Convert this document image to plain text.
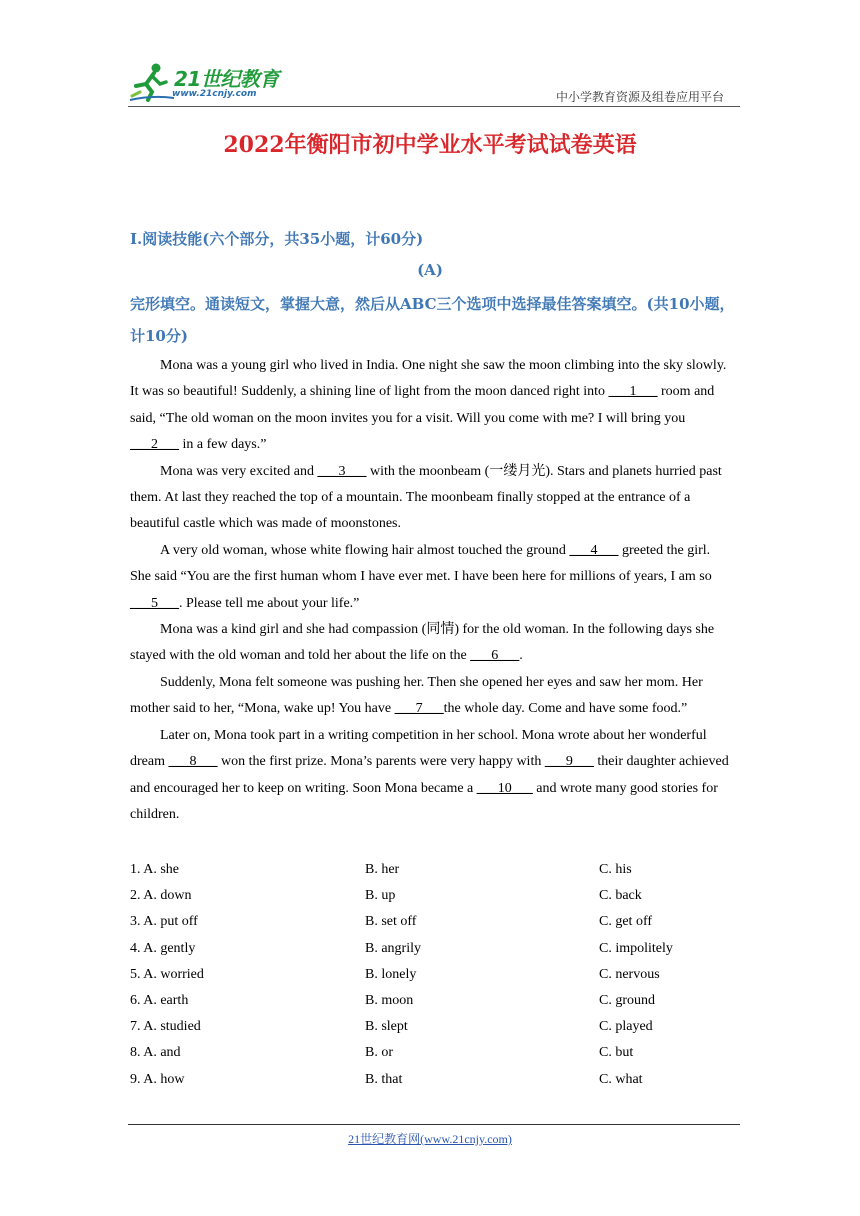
21世纪教育
www.21cnjy.com	中小学教育资源及组卷应用平台
2022年衡阳市初中学业水平考试试卷英语
I.阅读技能(六个部分，共35小题，计60分)
(A)
完形填空。通读短文，掌握大意，然后从ABC三个选项中选择最佳答案填空。(共10小题，计10分)

Mona was a young girl who lived in India. One night she saw the moon climbing into the sky slowly. It was so beautiful! Suddenly, a shining line of light from the moon danced right into ___1___ room and said, “The old woman on the moon invites you for a visit. Will you come with me? I will bring you ___2___ in a few days.”

Mona was very excited and ___3___ with the moonbeam (一缕月光). Stars and planets hurried past them. At last they reached the top of a mountain. The moonbeam finally stopped at the entrance of a beautiful castle which was made of moonstones.

A very old woman, whose white flowing hair almost touched the ground ___4___ greeted the girl. She said “You are the first human whom I have ever met. I have been here for millions of years, I am so ___5___. Please tell me about your life.”

Mona was a kind girl and she had compassion (同情) for the old woman. In the following days she stayed with the old woman and told her about the life on the ___6___.

Suddenly, Mona felt someone was pushing her. Then she opened her eyes and saw her mom. Her mother said to her, “Mona, wake up! You have ___7___the whole day. Come and have some food.”

Later on, Mona took part in a writing competition in her school. Mona wrote about her wonderful dream ___8___ won the first prize. Mona’s parents were very happy with ___9___ their daughter achieved and encouraged her to keep on writing. Soon Mona became a ___10___ and wrote many good stories for children.

1. A. she	B. her	C. his
2. A. down	B. up	C. back
3. A. put off	B. set off	C. get off
4. A. gently	B. angrily	C. impolitely
5. A. worried	B. lonely	C. nervous
6. A. earth	B. moon	C. ground
7. A. studied	B. slept	C. played
8. A. and	B. or	C. but
9. A. how	B. that	C. what
21世纪教育网(www.21cnjy.com)
